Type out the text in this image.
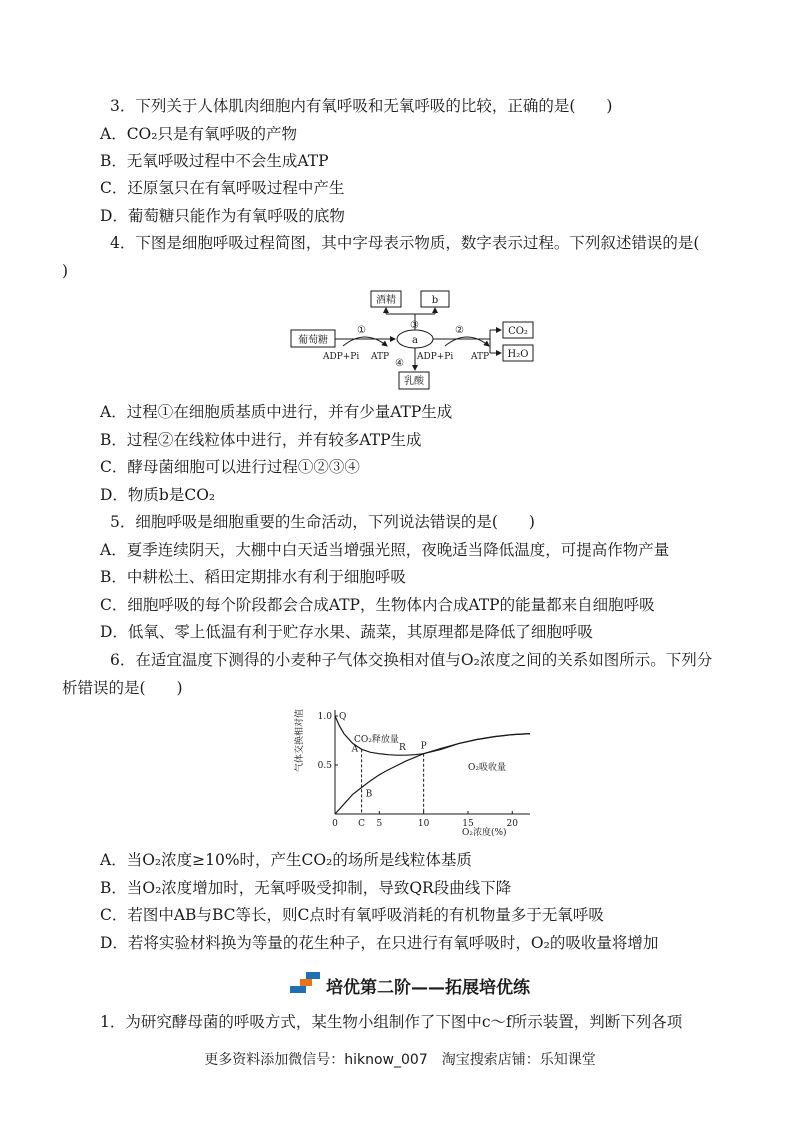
3．下列关于人体肌肉细胞内有氧呼吸和无氧呼吸的比较，正确的是(　　)
A．CO₂只是有氧呼吸的产物
B．无氧呼吸过程中不会生成ATP
C．还原氢只在有氧呼吸过程中产生
D．葡萄糖只能作为有氧呼吸的底物
4．下图是细胞呼吸过程简图，其中字母表示物质，数字表示过程。下列叙述错误的是(
)
葡萄糖	a
酒精	b
乳酸
CO₂
H₂O
①
ADP+Pi ATP
③
④
②
ADP+Pi ATP
A．过程①在细胞质基质中进行，并有少量ATP生成
B．过程②在线粒体中进行，并有较多ATP生成
C．酵母菌细胞可以进行过程①②③④
D．物质b是CO₂
5．细胞呼吸是细胞重要的生命活动，下列说法错误的是(　　)
A．夏季连续阴天，大棚中白天适当增强光照，夜晚适当降低温度，可提高作物产量
B．中耕松土、稻田定期排水有利于细胞呼吸
C．细胞呼吸的每个阶段都会合成ATP，生物体内合成ATP的能量都来自细胞呼吸
D．低氧、零上低温有利于贮存水果、蔬菜，其原理都是降低了细胞呼吸
6．在适宜温度下测得的小麦种子气体交换相对值与O₂浓度之间的关系如图所示。下列分
析错误的是(　　)
气体交换相对值
O₂浓度(%)
CO₂释放量
O₂吸收量
0	5	10	15	20
C
0.5
1.0 Q
R P
A
B
A．当O₂浓度≥10%时，产生CO₂的场所是线粒体基质
B．当O₂浓度增加时，无氧呼吸受抑制，导致QR段曲线下降
C．若图中AB与BC等长，则C点时有氧呼吸消耗的有机物量多于无氧呼吸
D．若将实验材料换为等量的花生种子，在只进行有氧呼吸时，O₂的吸收量将增加
培优第二阶——拓展培优练
1．为研究酵母菌的呼吸方式，某生物小组制作了下图中c～f所示装置，判断下列各项
更多资料添加微信号：hiknow_007　淘宝搜索店铺：乐知课堂
